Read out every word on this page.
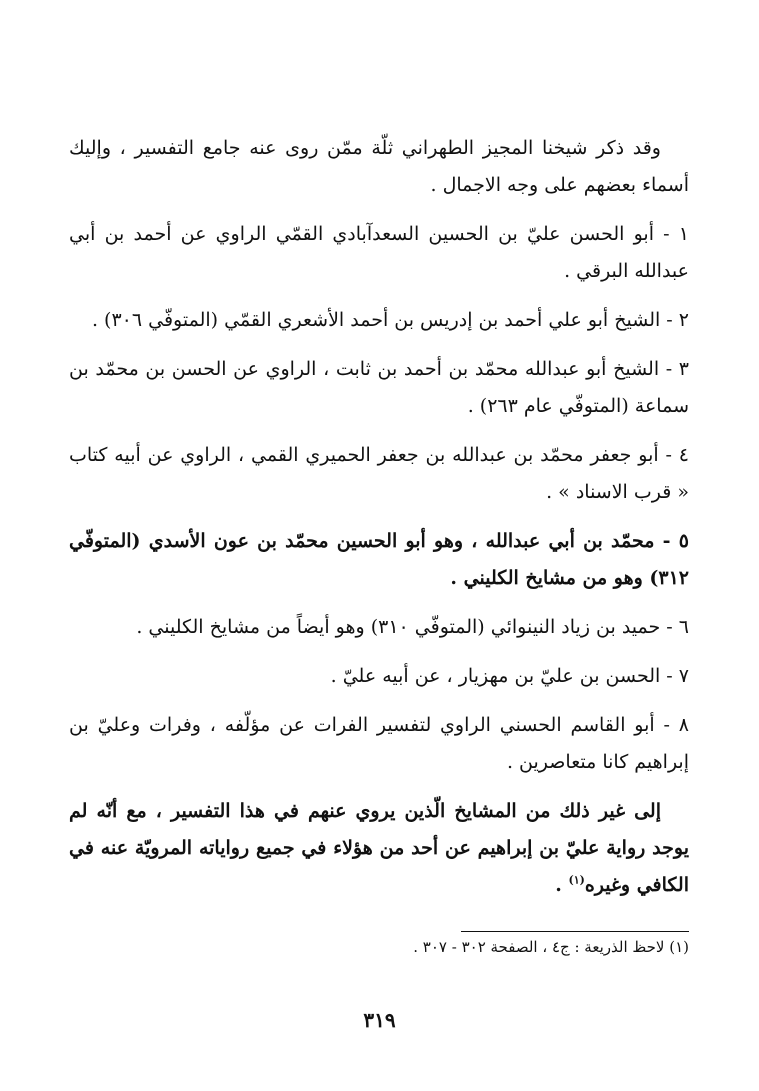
وقد ذكر شيخنا المجيز الطهراني ثلّة ممّن روى عنه جامع التفسير ، وإليك أسماء بعضهم على وجه الاجمال .

١ - أبو الحسن عليّ بن الحسين السعدآبادي القمّي الراوي عن أحمد بن أبي عبدالله البرقي .

٢ - الشيخ أبو علي أحمد بن إدريس بن أحمد الأشعري القمّي (المتوفّي ٣٠٦) .

٣ - الشيخ أبو عبدالله محمّد بن أحمد بن ثابت ، الراوي عن الحسن بن محمّد بن سماعة (المتوفّي عام ٢٦٣) .

٤ - أبو جعفر محمّد بن عبدالله بن جعفر الحميري القمي ، الراوي عن أبيه كتاب « قرب الاسناد » .

٥ - محمّد بن أبي عبدالله ، وهو أبو الحسين محمّد بن عون الأسدي (المتوفّي ٣١٢) وهو من مشايخ الكليني .

٦ - حميد بن زياد النينوائي (المتوفّي ٣١٠) وهو أيضاً من مشايخ الكليني .

٧ - الحسن بن عليّ بن مهزيار ، عن أبيه عليّ .

٨ - أبو القاسم الحسني الراوي لتفسير الفرات عن مؤلّفه ، وفرات وعليّ بن إبراهيم كانا متعاصرين .

إلى غير ذلك من المشايخ الّذين يروي عنهم في هذا التفسير ، مع أنّه لم يوجد رواية عليّ بن إبراهيم عن أحد من هؤلاء في جميع رواياته المرويّة عنه في الكافي وغيره$^{(١)}$ .

(١) لاحظ الذريعة : ج٤ ، الصفحة ٣٠٢ - ٣٠٧ .
٣١٩
